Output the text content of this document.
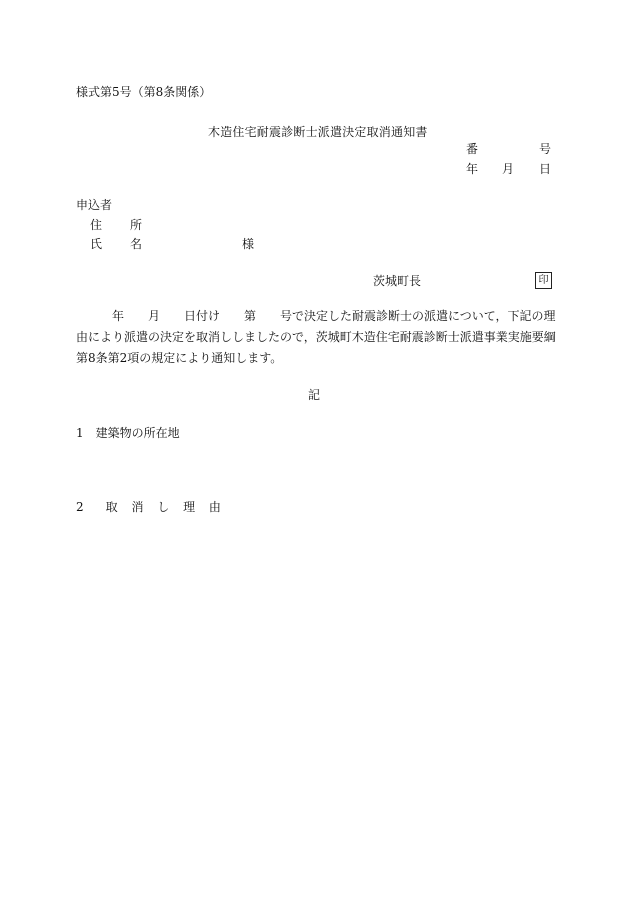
様式第5号（第8条関係）
木造住宅耐震診断士派遣決定取消通知書
番	号
年 月 日
申込者
住　所
氏　名	様
茨城町長	印
　　　年　　月　　日付け　　第　　号で決定した耐震診断士の派遣について，下記の理
由により派遣の決定を取消ししましたので，茨城町木造住宅耐震診断士派遣事業実施要綱
第8条第2項の規定により通知します。
記
1　建築物の所在地
2　取 消 し 理 由
